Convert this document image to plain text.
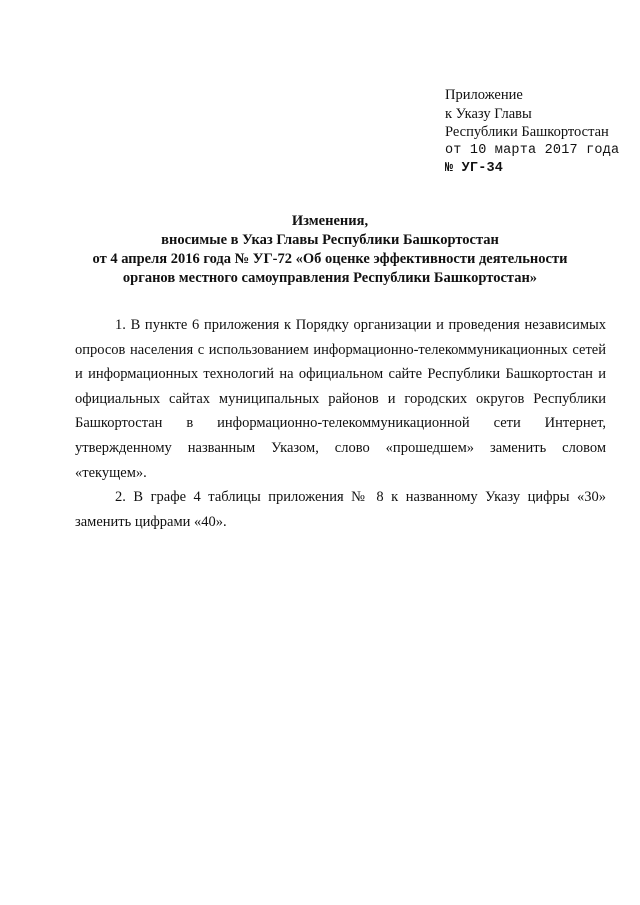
Приложение
к Указу Главы
Республики Башкортостан
от 10 марта 2017 года
№ УГ-34
Изменения,
вносимые в Указ Главы Республики Башкортостан
от 4 апреля 2016 года № УГ-72 «Об оценке эффективности деятельности
органов местного самоуправления Республики Башкортостан»

1. В пункте 6 приложения к Порядку организации и проведения независимых опросов населения с использованием информационно-телекоммуникационных сетей и информационных технологий на официальном сайте Республики Башкортостан и официальных сайтах муниципальных районов и городских округов Республики Башкортостан в информационно-телекоммуникационной сети Интернет, утвержденному названным Указом, слово «прошедшем» заменить словом «текущем».

2. В графе 4 таблицы приложения № 8 к названному Указу цифры «30» заменить цифрами «40».
